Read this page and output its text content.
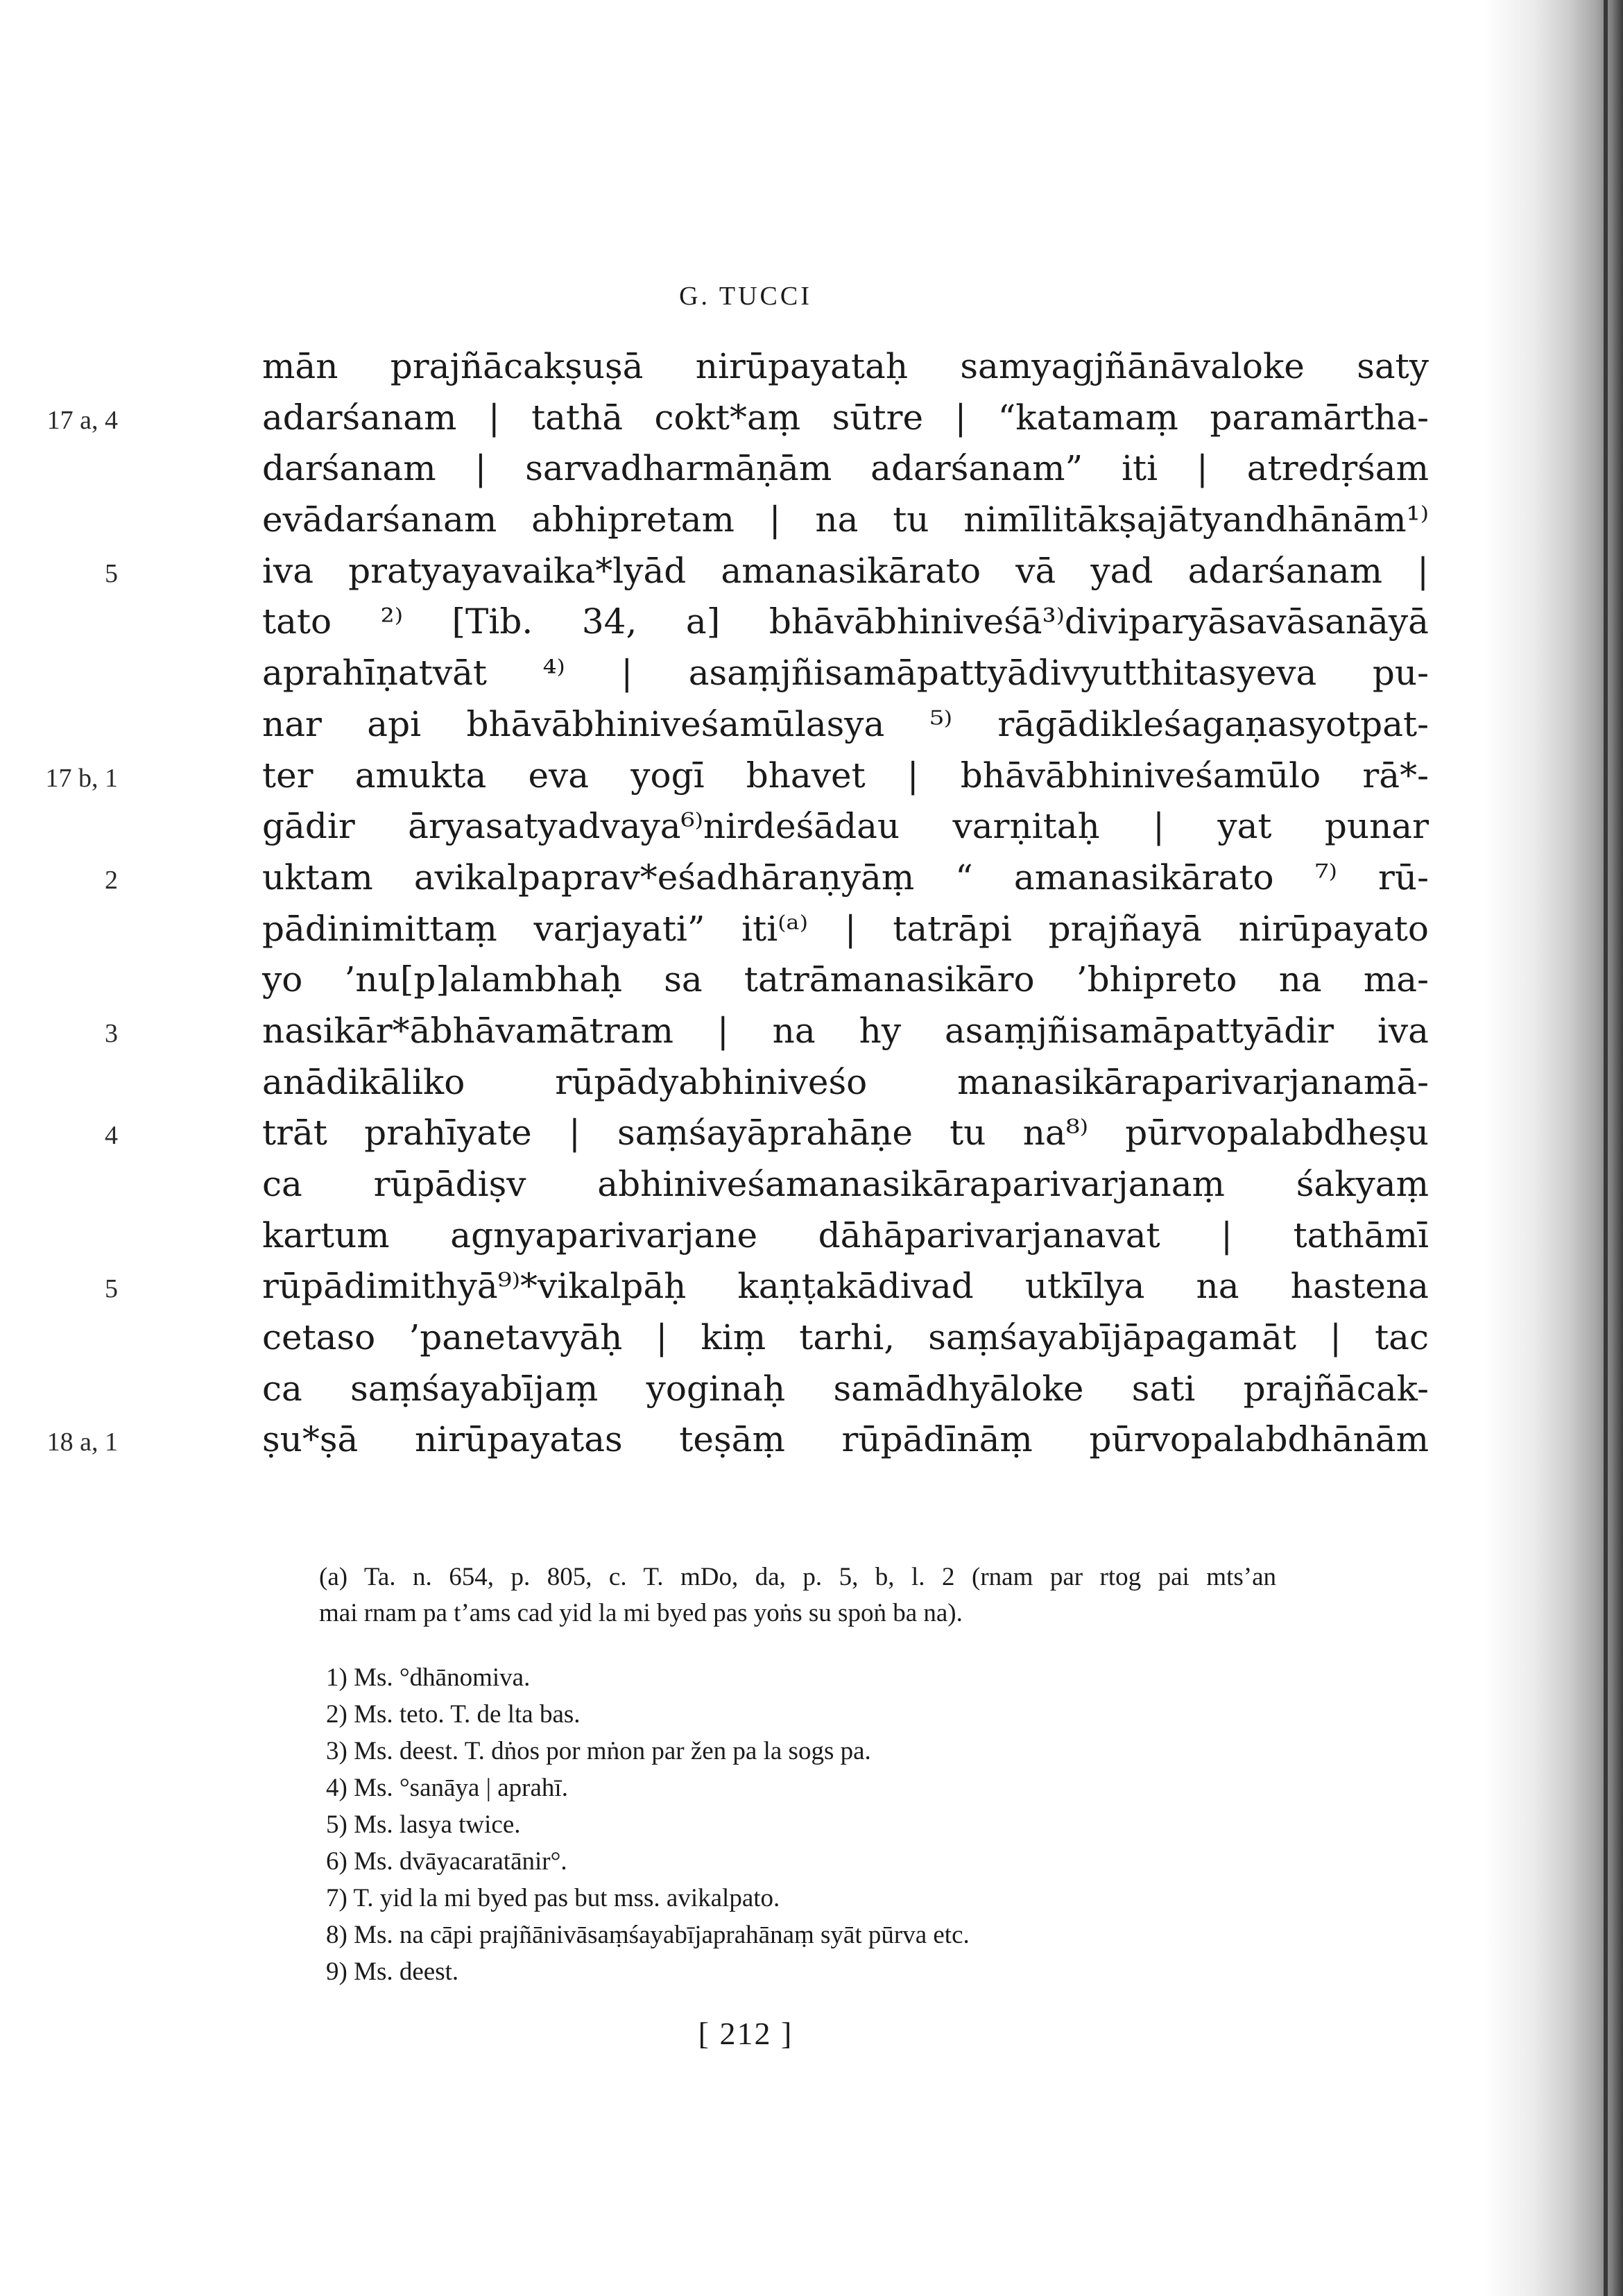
G. TUCCI
mān prajñācakṣuṣā nirūpayataḥ samyagjñānāvaloke saty
17 a, 4	adarśanam | tathā cokt*aṃ sūtre | “katamaṃ paramārtha-
darśanam | sarvadharmāṇām adarśanam” iti | atredṛśam
evādarśanam abhipretam | na tu nimīlitākṣajātyandhānām¹⁾
5	iva pratyayavaika*lyād amanasikārato vā yad adarśanam |
tato ²⁾ [Tib. 34, a] bhāvābhiniveśā³⁾diviparyāsavāsanāyā
aprahīṇatvāt ⁴⁾ | asaṃjñisamāpattyādivyutthitasyeva pu-
nar api bhāvābhiniveśamūlasya ⁵⁾ rāgādikleśagaṇasyotpat-
17 b, 1	ter amukta eva yogī bhavet | bhāvābhiniveśamūlo rā*-
gādir āryasatyadvaya⁶⁾nirdeśādau varṇitaḥ | yat punar
2	uktam avikalpaprav*eśadhāraṇyāṃ “ amanasikārato ⁷⁾ rū-
pādinimittaṃ varjayati” iti⁽ᵃ⁾ | tatrāpi prajñayā nirūpayato
yo ’nu[p]alambhaḥ sa tatrāmanasikāro ’bhipreto na ma-
3	nasikār*ābhāvamātram | na hy asaṃjñisamāpattyādir iva
anādikāliko rūpādyabhiniveśo manasikāraparivarjanamā-
4	trāt prahīyate | saṃśayāprahāṇe tu na⁸⁾ pūrvopalabdheṣu
ca rūpādiṣv abhiniveśamanasikāraparivarjanaṃ śakyaṃ
kartum agnyaparivarjane dāhāparivarjanavat | tathāmī
5	rūpādimithyā⁹⁾*vikalpāḥ kaṇṭakādivad utkīlya na hastena
cetaso ’panetavyāḥ | kiṃ tarhi, saṃśayabījāpagamāt | tac
ca saṃśayabījaṃ yoginaḥ samādhyāloke sati prajñācak-
18 a, 1	ṣu*ṣā nirūpayatas teṣāṃ rūpādīnāṃ pūrvopalabdhānām
(a) Ta. n. 654, p. 805, c. T. mDo, da, p. 5, b, l. 2 (rnam par rtog pai mts’an
mai rnam pa t’ams cad yid la mi byed pas yoṅs su spoṅ ba na).
1) Ms. °dhānomiva.
2) Ms. teto. T. de lta bas.
3) Ms. deest. T. dṅos por mṅon par žen pa la sogs pa.
4) Ms. °sanāya | aprahī.
5) Ms. lasya twice.
6) Ms. dvāyacaratānir°.
7) T. yid la mi byed pas but mss. avikalpato.
8) Ms. na cāpi prajñānivāsaṃśayabījaprahānaṃ syāt pūrva etc.
9) Ms. deest.
[ 212 ]
